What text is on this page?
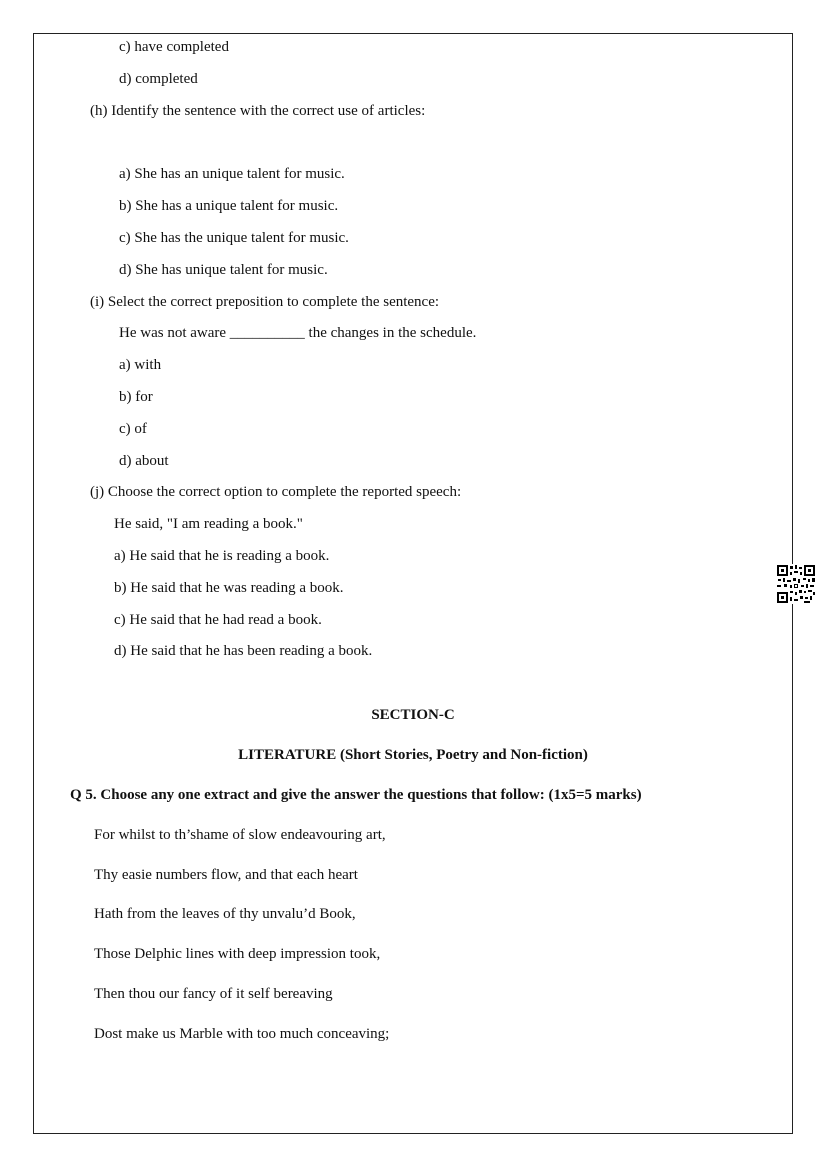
c) have completed
d) completed
(h) Identify the sentence with the correct use of articles:
a) She has an unique talent for music.
b) She has a unique talent for music.
c) She has the unique talent for music.
d) She has unique talent for music.
(i) Select the correct preposition to complete the sentence:
He was not aware __________ the changes in the schedule.
a) with
b) for
c) of
d) about
(j) Choose the correct option to complete the reported speech:
He said, "I am reading a book."
a) He said that he is reading a book.
b) He said that he was reading a book.
c) He said that he had read a book.
d) He said that he has been reading a book.
SECTION-C
LITERATURE (Short Stories, Poetry and Non-fiction)
Q 5. Choose any one extract and give the answer the questions that follow: (1x5=5 marks)
For whilst to th’shame of slow endeavouring art,
Thy easie numbers flow, and that each heart
Hath from the leaves of thy unvalu’d Book,
Those Delphic lines with deep impression took,
Then thou our fancy of it self bereaving
Dost make us Marble with too much conceaving;
